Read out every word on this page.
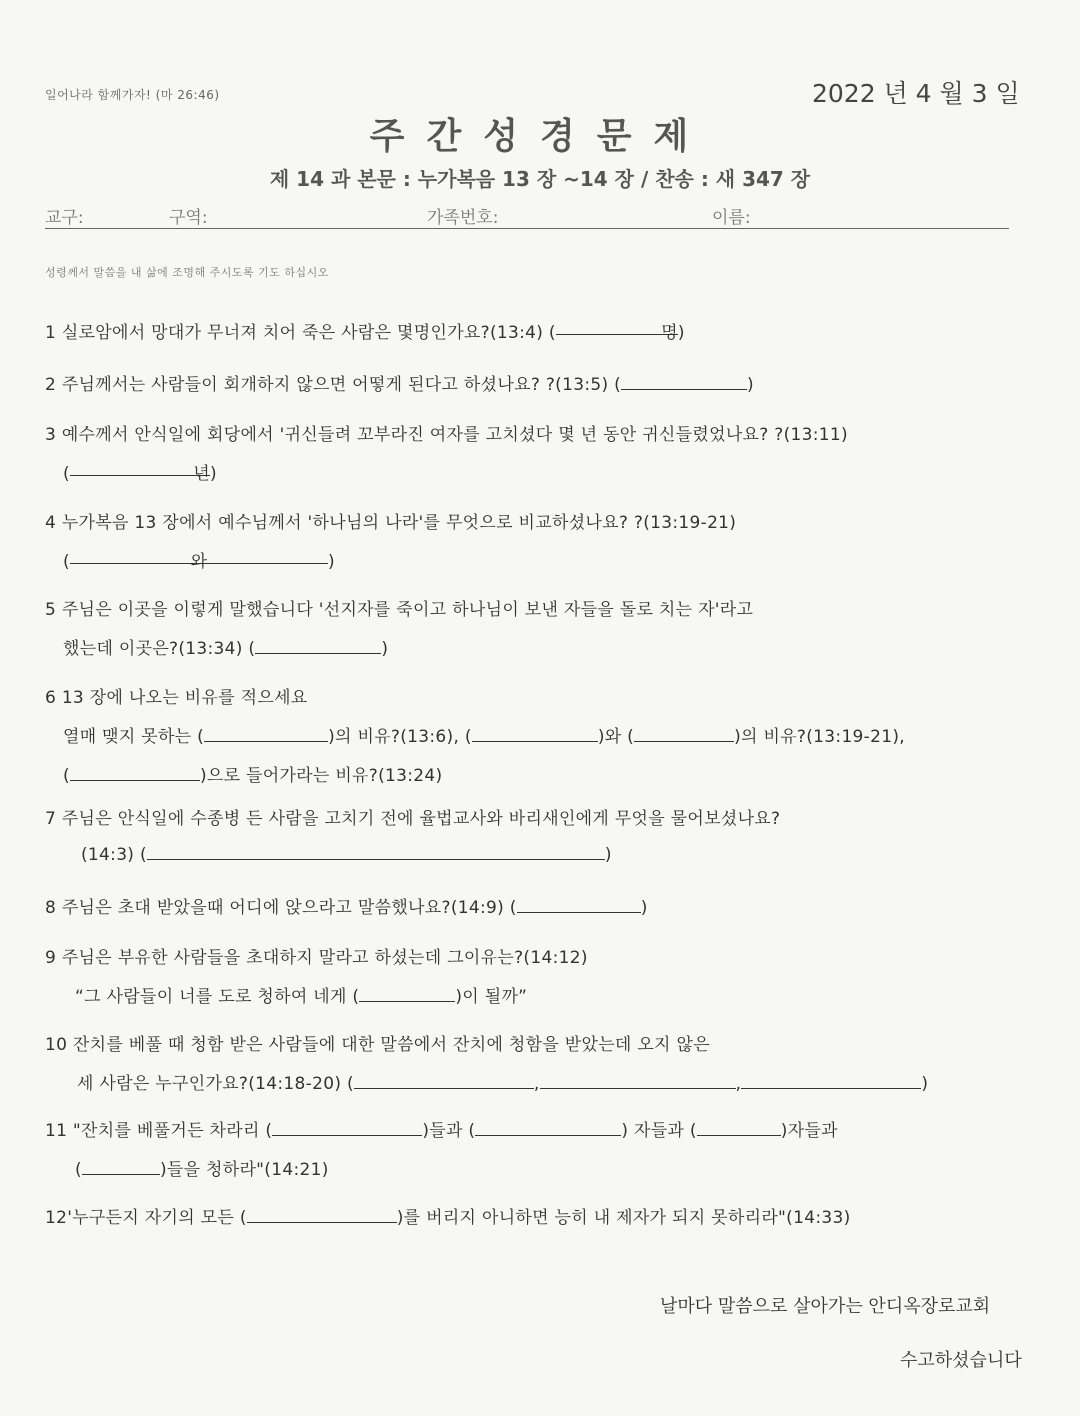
일어나라 함께가자! (마 26:46)	2022 년 4 월 3 일
주간성경문제
제 14 과 본문 : 누가복음 13 장 ~14 장 / 찬송 : 새 347 장
교구:	구역:	가족번호:	이름:
성령께서 말씀을 내 삶에 조명해 주시도록 기도 하십시오
1 실로암에서 망대가 무너져 치어 죽은 사람은 몇명인가요?(13:4) (	명)
2 주님께서는 사람들이 회개하지 않으면 어떻게 된다고 하셨나요? ?(13:5) (	)
3 예수께서 안식일에 회당에서 '귀신들려 꼬부라진 여자를 고치셨다 몇 년 동안 귀신들렸었나요? ?(13:11)
(	년)
4 누가복음 13 장에서 예수님께서 '하나님의 나라'를 무엇으로 비교하셨나요? ?(13:19-21)
(	와	)
5 주님은 이곳을 이렇게 말했습니다 '선지자를 죽이고 하나님이 보낸 자들을 돌로 치는 자'라고
했는데 이곳은?(13:34) (	)
6 13 장에 나오는 비유를 적으세요
열매 맺지 못하는 (	)의 비유?(13:6), (	)와 (	)의 비유?(13:19-21),
(	)으로 들어가라는 비유?(13:24)
7 주님은 안식일에 수종병 든 사람을 고치기 전에 율법교사와 바리새인에게 무엇을 물어보셨나요?
(14:3) (	)
8 주님은 초대 받았을때 어디에 앉으라고 말씀했나요?(14:9) (	)
9 주님은 부유한 사람들을 초대하지 말라고 하셨는데 그이유는?(14:12)
“그 사람들이 너를 도로 청하여 네게 (	)이 될까”
10 잔치를 베풀 때 청함 받은 사람들에 대한 말씀에서 잔치에 청함을 받았는데 오지 않은
세 사람은 누구인가요?(14:18-20) (	,	,	)
11 "잔치를 베풀거든 차라리 (	)들과 (	) 자들과 (	)자들과
(	)들을 청하라"(14:21)
12'누구든지 자기의 모든 (	)를 버리지 아니하면 능히 내 제자가 되지 못하리라"(14:33)
날마다 말씀으로 살아가는 안디옥장로교회
수고하셨습니다
